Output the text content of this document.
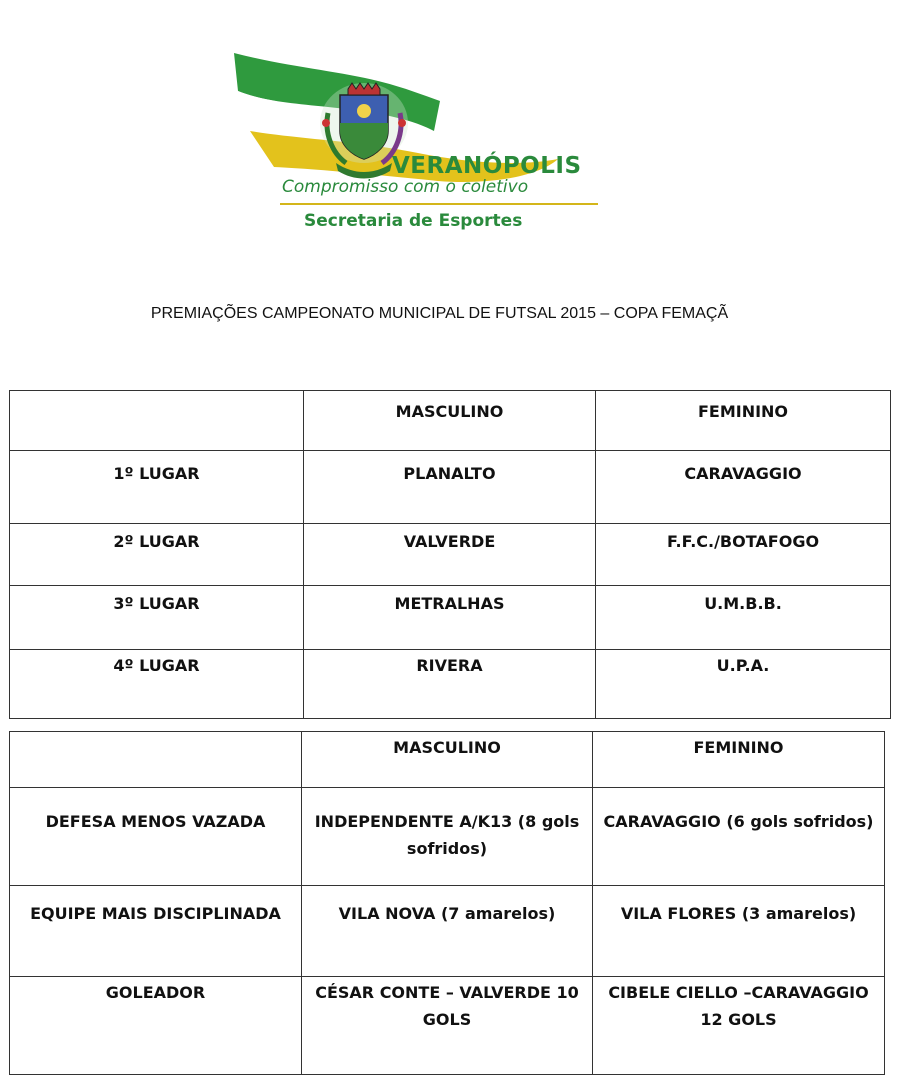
VERANÓPOLIS
Compromisso com o coletivo
Secretaria de Esportes
PREMIAÇÕES CAMPEONATO MUNICIPAL DE FUTSAL 2015 – COPA FEMAÇÃ
	MASCULINO	FEMININO
1º LUGAR	PLANALTO	CARAVAGGIO
2º LUGAR	VALVERDE	F.F.C./BOTAFOGO
3º LUGAR	METRALHAS	U.M.B.B.
4º LUGAR	RIVERA	U.P.A.
	MASCULINO	FEMININO
DEFESA MENOS VAZADA	INDEPENDENTE A/K13 (8 gols sofridos)	CARAVAGGIO (6 gols sofridos)
EQUIPE MAIS DISCIPLINADA	VILA NOVA (7 amarelos)	VILA FLORES (3 amarelos)
GOLEADOR	CÉSAR CONTE – VALVERDE 10 GOLS	CIBELE CIELLO –CARAVAGGIO 12 GOLS
